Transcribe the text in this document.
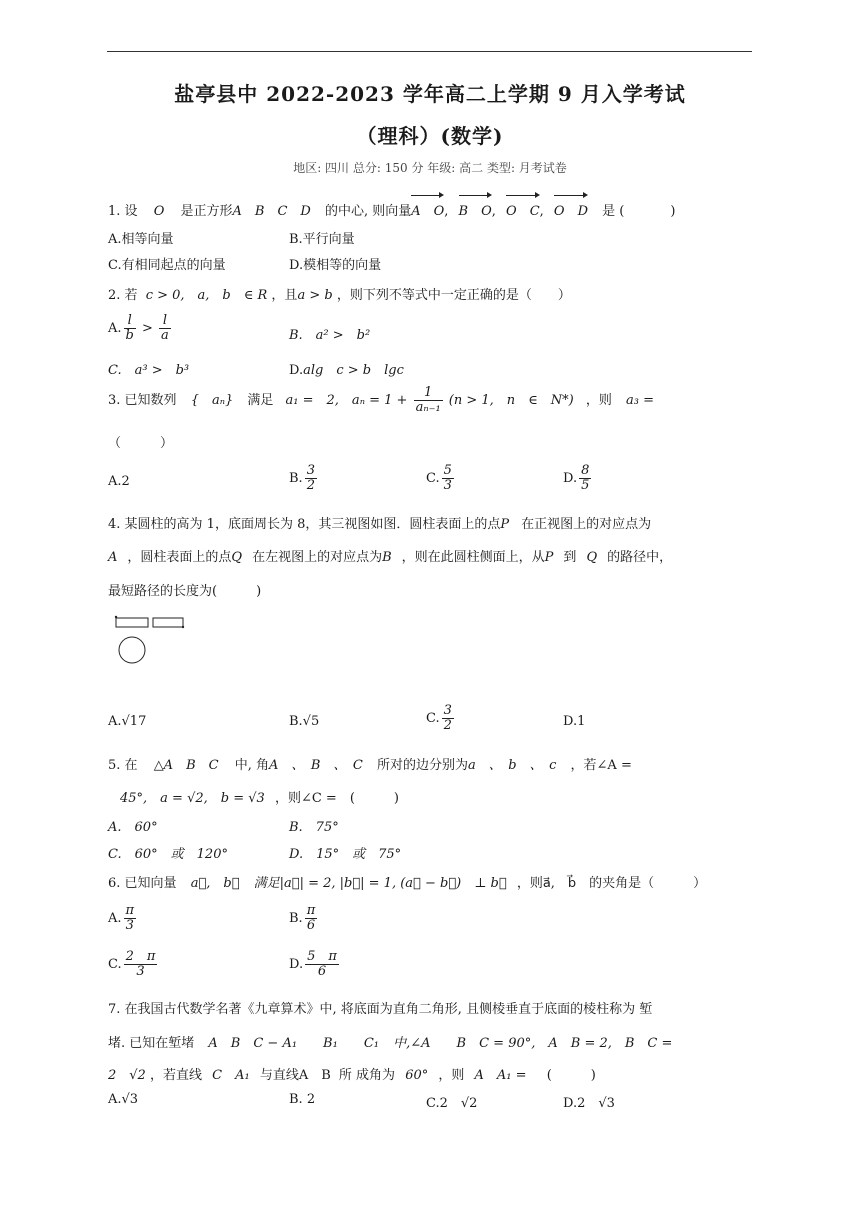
盐亭县中 2022-2023 学年高二上学期 9 月入学考试
（理科）(数学)
地区: 四川 总分: 150 分 年级: 高二 类型: 月考试卷
1. 设 O 是正方形A　B　C　D 的中心, 则向量A　O, B　O, O　C, O　D 是 (	)
A.相等向量	B.平行向量
C.有相同起点的向量	D.模相等的向量
2. 若 c > 0,　a,　b　∈ R ，且a > b ，则下列不等式中一定正确的是（　　）
A. $\frac{l}{b} > \frac{l}{a}$	B.　a² >　b²
C.　a³ >　b³	D.alg　c > b　lgc
3. 已知数列 {　aₙ} 满足 a₁ =　2,　$a_n = 1 + \frac{1}{\text{aₙ₋₁}} (n > 1$,　n　∈　N*) ，则 a₃ =
（　　　）
A.2	B. $\frac{3}{2}$	C. $\frac{5}{3}$	D. $\frac{8}{5}$
4. 某圆柱的高为 1，底面周长为 8，其三视图如图．圆柱表面上的点P 在正视图上的对应点为
A ，圆柱表面上的点Q 在左视图上的对应点为B ，则在此圆柱侧面上，从P 到 Q 的路径中，
最短路径的长度为(　　　)
A.√17	B.√5	C. $\frac{3}{2}$	D.1
5. 在 △A　B　C 中, 角A　、　B　、　C 所对的边分别为a　、　b　、　c ，若∠A =
45°,　a = √2,　b = √3 ，则∠C =　(　　　)
A.　60°	B.　75°
C.　60°　或　120°	D.　15°　或　75°
6. 已知向量 a⃗,　b⃗ 满足|a⃗| = 2, |b⃗| = 1, (a⃗ − b⃗)　⊥ b⃗ ，则a⃗,　b⃗　的夹角是（　　　）
A. $\frac{\pi}{3}$	B. $\frac{\pi}{6}$
C. $\frac{2 \pi}{3}$	D. $\frac{5 \pi}{6}$
7. 在我国古代数学名著《九章算术》中, 将底面为直角二角形, 且侧棱垂直于底面的棱柱称为 堑
堵. 已知在堑堵 A　B　C − A₁　　B₁　　C₁ 中,∠A　　B　C = 90°,　A　B = 2,　B　C =
2　√2 ，若直线 C　A₁ 与直线A　B 所 成角为 60° ，则 A　A₁ = (　　　)
A.√3	B. 2	C.2　√2	D.2　√3
